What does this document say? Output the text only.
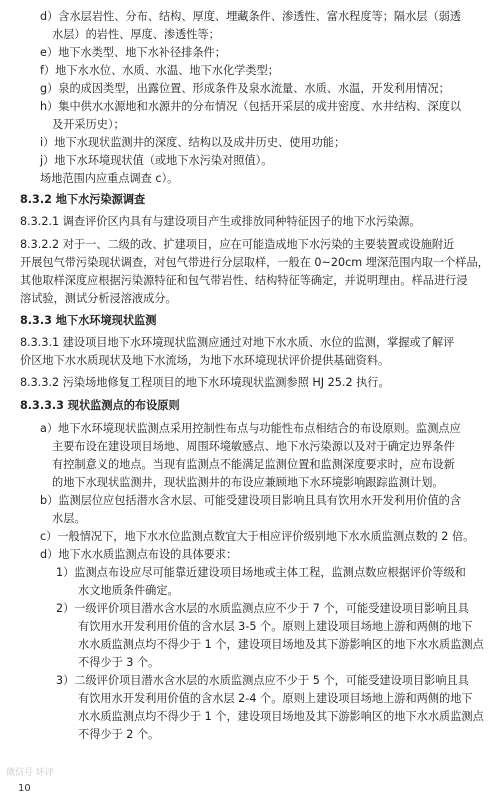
d）含水层岩性、分布、结构、厚度、埋藏条件、渗透性、富水程度等；隔水层（弱透
水层）的岩性、厚度、渗透性等；
e）地下水类型、地下水补径排条件；
f）地下水水位、水质、水温、地下水化学类型；
g）泉的成因类型，出露位置、形成条件及泉水流量、水质、水温，开发利用情况；
h）集中供水水源地和水源井的分布情况（包括开采层的成井密度、水井结构、深度以
及开采历史）；
i）地下水现状监测井的深度、结构以及成井历史、使用功能；
j）地下水环境现状值（或地下水污染对照值）。
场地范围内应重点调查 c）。
8.3.2 地下水污染源调查
8.3.2.1 调查评价区内具有与建设项目产生或排放同种特征因子的地下水污染源。
8.3.2.2 对于一、二级的改、扩建项目，应在可能造成地下水污染的主要装置或设施附近
开展包气带污染现状调查，对包气带进行分层取样，一般在 0~20cm 埋深范围内取一个样品，
其他取样深度应根据污染源特征和包气带岩性、结构特征等确定，并说明理由。样品进行浸
溶试验，测试分析浸溶液成分。
8.3.3 地下水环境现状监测
8.3.3.1 建设项目地下水环境现状监测应通过对地下水水质、水位的监测，掌握或了解评
价区地下水水质现状及地下水流场，为地下水环境现状评价提供基础资料。
8.3.3.2 污染场地修复工程项目的地下水环境现状监测参照 HJ 25.2 执行。
8.3.3.3 现状监测点的布设原则
a）地下水环境现状监测点采用控制性布点与功能性布点相结合的布设原则。监测点应
主要布设在建设项目场地、周围环境敏感点、地下水污染源以及对于确定边界条件
有控制意义的地点。当现有监测点不能满足监测位置和监测深度要求时，应布设新
的地下水现状监测井，现状监测井的布设应兼顾地下水环境影响跟踪监测计划。
b）监测层位应包括潜水含水层、可能受建设项目影响且具有饮用水开发利用价值的含
水层。
c）一般情况下，地下水水位监测点数宜大于相应评价级别地下水水质监测点数的 2 倍。
d）地下水水质监测点布设的具体要求：
1）监测点布设应尽可能靠近建设项目场地或主体工程，监测点数应根据评价等级和
水文地质条件确定。
2）一级评价项目潜水含水层的水质监测点应不少于 7 个，可能受建设项目影响且具
有饮用水开发利用价值的含水层 3-5 个。原则上建设项目场地上游和两侧的地下
水水质监测点均不得少于 1 个，建设项目场地及其下游影响区的地下水水质监测点
不得少于 3 个。
3）二级评价项目潜水含水层的水质监测点应不少于 5 个，可能受建设项目影响且具
有饮用水开发利用价值的含水层 2-4 个。原则上建设项目场地上游和两侧的地下
水水质监测点均不得少于 1 个，建设项目场地及其下游影响区的地下水水质监测点
不得少于 2 个。
微信号 环评
10
